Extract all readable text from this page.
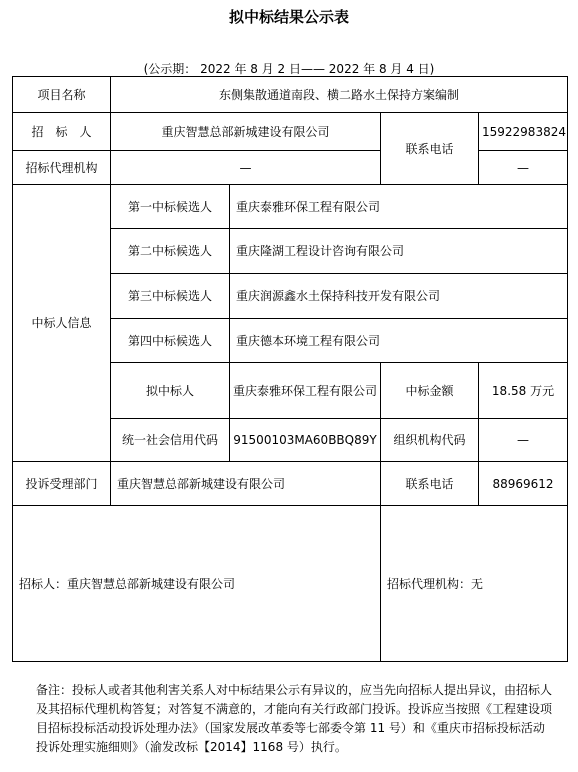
拟中标结果公示表
(公示期： 2022 年 8 月 2 日—— 2022 年 8 月 4 日)
项目名称	东侧集散通道南段、横二路水土保持方案编制			
招　标　人	重庆智慧总部新城建设有限公司		联系电话	15922983824
招标代理机构	—			—
中标人信息	第一中标候选人	重庆泰雅环保工程有限公司		
	第二中标候选人	重庆隆湖工程设计咨询有限公司		
	第三中标候选人	重庆润源鑫水土保持科技开发有限公司		
	第四中标候选人	重庆德本环境工程有限公司		
	拟中标人	重庆泰雅环保工程有限公司	中标金额	18.58 万元
	统一社会信用代码	91500103MA60BBQ89Y	组织机构代码	—
投诉受理部门	重庆智慧总部新城建设有限公司		联系电话	88969612
招标人：重庆智慧总部新城建设有限公司			招标代理机构：无	
备注：投标人或者其他利害关系人对中标结果公示有异议的，应当先向招标人提出异议，由招标人及其招标代理机构答复；对答复不满意的，才能向有关行政部门投诉。投诉应当按照《工程建设项目招标投标活动投诉处理办法》（国家发展改革委等七部委令第 11 号）和《重庆市招标投标活动投诉处理实施细则》（渝发改标【2014】1168 号）执行。
